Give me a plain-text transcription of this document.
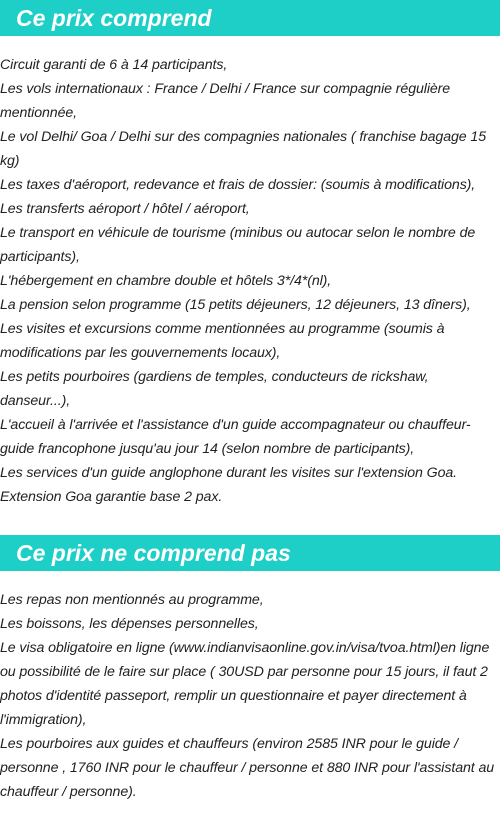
Ce prix comprend
Circuit garanti de 6 à 14 participants,
Les vols internationaux : France / Delhi / France sur compagnie régulière mentionnée,
Le vol Delhi/ Goa / Delhi sur des compagnies nationales ( franchise bagage 15 kg)
Les taxes d'aéroport, redevance et frais de dossier: (soumis à modifications),
Les transferts aéroport / hôtel / aéroport,
Le transport en véhicule de tourisme (minibus ou autocar selon le nombre de participants),
L'hébergement en chambre double et hôtels 3*/4*(nl),
La pension selon programme (15 petits déjeuners, 12 déjeuners, 13 dîners),
Les visites et excursions comme mentionnées au programme (soumis à modifications par les gouvernements locaux),
Les petits pourboires (gardiens de temples, conducteurs de rickshaw, danseur...),
L'accueil à l'arrivée et l'assistance d'un guide accompagnateur ou chauffeur-guide francophone jusqu'au jour 14 (selon nombre de participants),
Les services d'un guide anglophone durant les visites sur l'extension Goa.
Extension Goa garantie base 2 pax.
Ce prix ne comprend pas
Les repas non mentionnés au programme,
Les boissons, les dépenses personnelles,
Le visa obligatoire en ligne (www.indianvisaonline.gov.in/visa/tvoa.html)en ligne ou possibilité de le faire sur place ( 30USD par personne pour 15 jours, il faut 2 photos d'identité passeport, remplir un questionnaire et payer directement à l'immigration),
Les pourboires aux guides et chauffeurs (environ 2585 INR pour le guide / personne , 1760 INR pour le chauffeur / personne et 880 INR pour l'assistant au chauffeur / personne).
